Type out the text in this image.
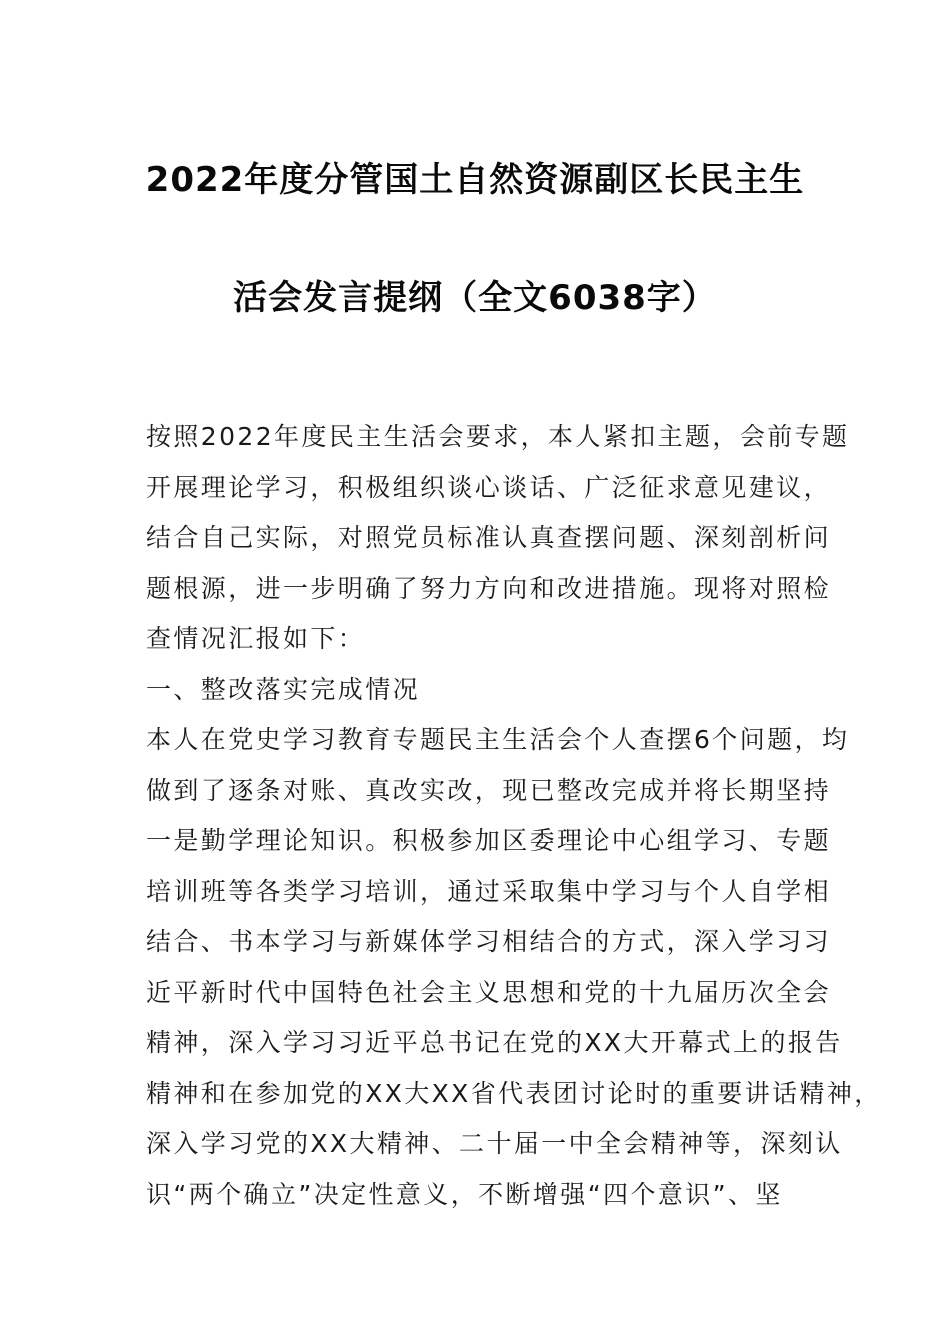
2022年度分管国土自然资源副区长民主生
活会发言提纲（全文6038字）
按照2022年度民主生活会要求，本人紧扣主题，会前专题
开展理论学习，积极组织谈心谈话、广泛征求意见建议，
结合自己实际，对照党员标准认真查摆问题、深刻剖析问
题根源，进一步明确了努力方向和改进措施。现将对照检
查情况汇报如下：
一、整改落实完成情况
本人在党史学习教育专题民主生活会个人查摆6个问题，均
做到了逐条对账、真改实改，现已整改完成并将长期坚持
一是勤学理论知识。积极参加区委理论中心组学习、专题
培训班等各类学习培训，通过采取集中学习与个人自学相
结合、书本学习与新媒体学习相结合的方式，深入学习习
近平新时代中国特色社会主义思想和党的十九届历次全会
精神，深入学习习近平总书记在党的XX大开幕式上的报告
精神和在参加党的XX大XX省代表团讨论时的重要讲话精神，
深入学习党的XX大精神、二十届一中全会精神等，深刻认
识“两个确立”决定性意义，不断增强“四个意识”、坚
